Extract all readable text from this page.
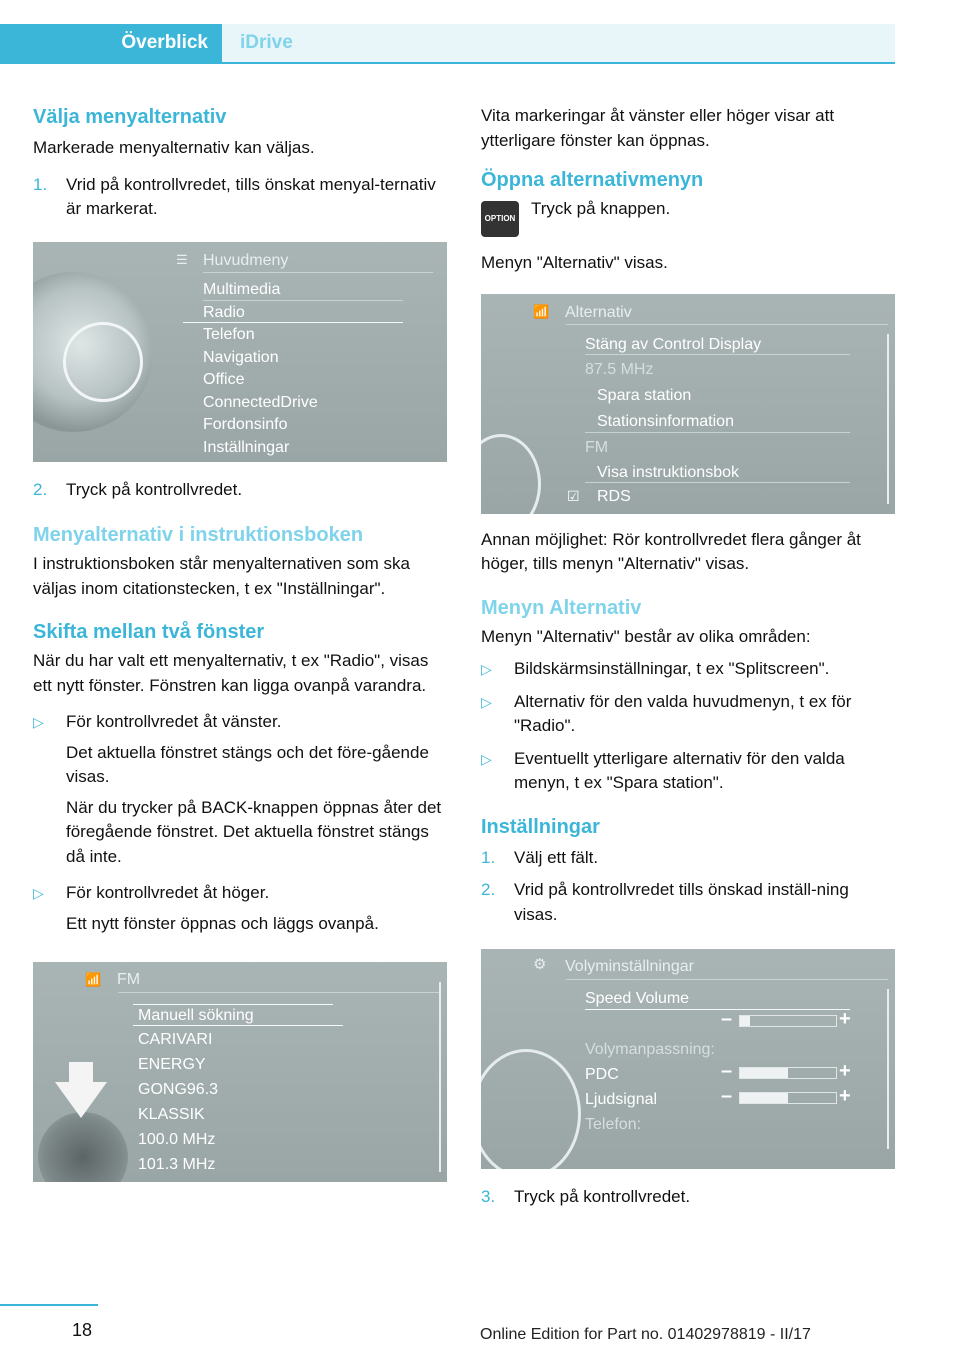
Överblick	iDrive
Välja menyalternativ

Markerade menyalternativ kan väljas.

1. Vrid på kontrollvredet, tills önskat menyal‐ternativ är markerat.
☰ Huvudmeny
Multimedia
Radio
Telefon
Navigation
Office
ConnectedDrive
Fordonsinfo
Inställningar
2. Tryck på kontrollvredet.
Menyalternativ i instruktionsboken

I instruktionsboken står menyalternativen som ska väljas inom citationstecken, t ex "Inställningar".

Skifta mellan två fönster

När du har valt ett menyalternativ, t ex "Radio", visas ett nytt fönster. Fönstren kan ligga ovanpå varandra.

▷ För kontrollvredet åt vänster.

Det aktuella fönstret stängs och det före‐gående visas.

När du trycker på BACK-knappen öppnas åter det föregående fönstret. Det aktuella fönstret stängs då inte.

▷ För kontrollvredet åt höger.

Ett nytt fönster öppnas och läggs ovanpå.

📶 FM
Manuell sökning
CARIVARI
ENERGY
GONG96.3
KLASSIK
100.0 MHz
101.3 MHz

Vita markeringar åt vänster eller höger visar att ytterligare fönster kan öppnas.

Öppna alternativmenyn
OPTION

Tryck på knappen.

Menyn "Alternativ" visas.

📶 Alternativ
Stäng av Control Display
87.5 MHz
Spara station
Stationsinformation
FM
Visa instruktionsbok
☑ RDS

Annan möjlighet: Rör kontrollvredet flera gånger åt höger, tills menyn "Alternativ" visas.

Menyn Alternativ

Menyn "Alternativ" består av olika områden:

▷ Bildskärmsinställningar, t ex "Splitscreen".
▷ Alternativ för den valda huvudmenyn, t ex för "Radio".
▷ Eventuellt ytterligare alternativ för den valda menyn, t ex "Spara station".
Inställningar
1. Välj ett fält.
2. Vrid på kontrollvredet tills önskad inställ‐ning visas.
⚙ Volyminställningar
Speed Volume
–	+
Volymanpassning:
PDC	–	+
Ljudsignal	–	+
Telefon:
3. Tryck på kontrollvredet.
18	Online Edition for Part no. 01402978819 - II/17
